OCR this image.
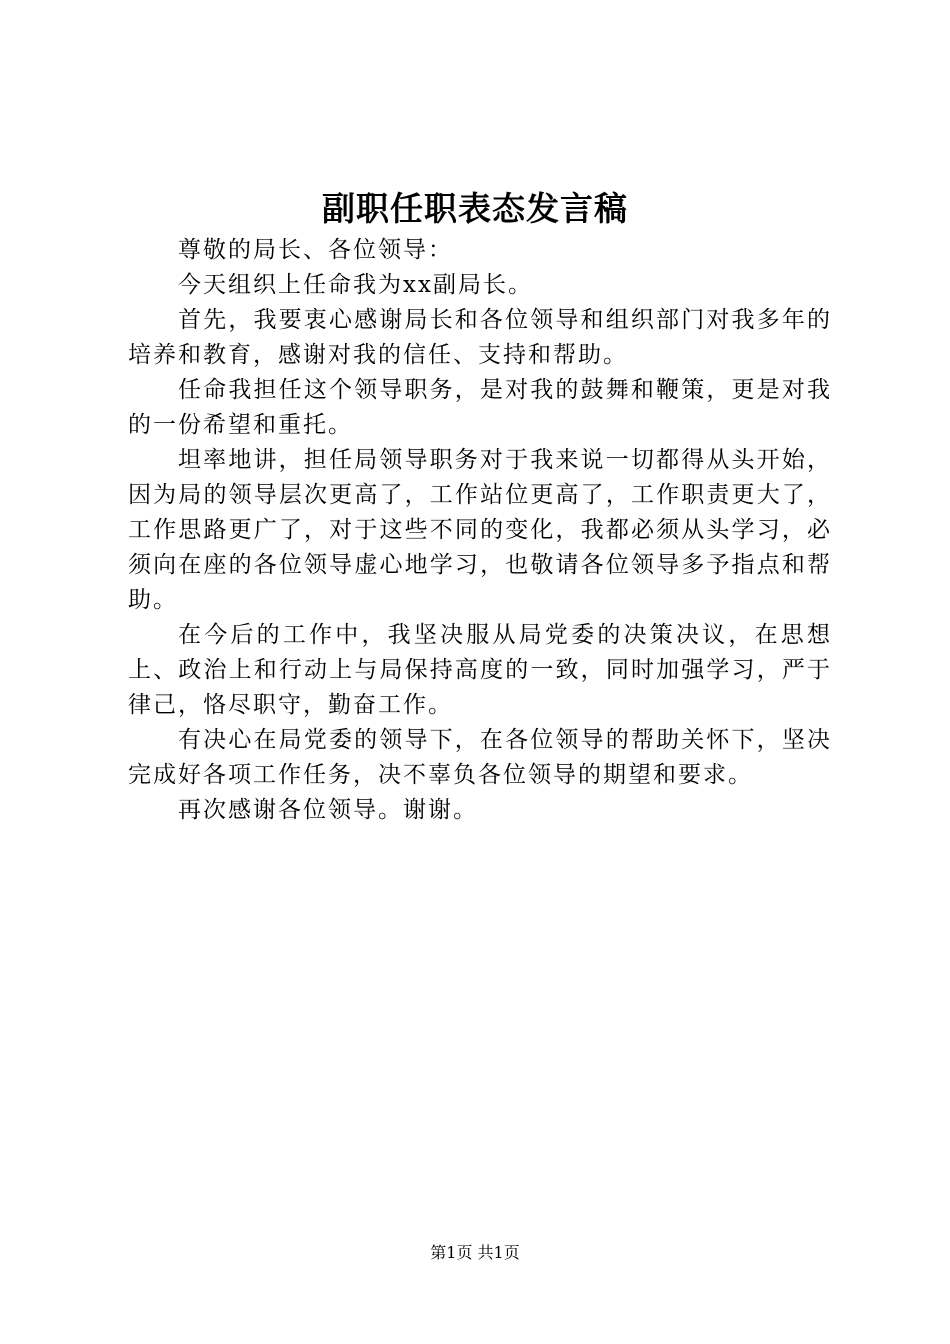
副职任职表态发言稿

尊敬的局长、各位领导：

今天组织上任命我为xx副局长。

首先，我要衷心感谢局长和各位领导和组织部门对我多年的培养和教育，感谢对我的信任、支持和帮助。

任命我担任这个领导职务，是对我的鼓舞和鞭策，更是对我的一份希望和重托。

坦率地讲，担任局领导职务对于我来说一切都得从头开始，因为局的领导层次更高了，工作站位更高了，工作职责更大了，工作思路更广了，对于这些不同的变化，我都必须从头学习，必须向在座的各位领导虚心地学习，也敬请各位领导多予指点和帮助。

在今后的工作中，我坚决服从局党委的决策决议，在思想上、政治上和行动上与局保持高度的一致，同时加强学习，严于律己，恪尽职守，勤奋工作。

有决心在局党委的领导下，在各位领导的帮助关怀下，坚决完成好各项工作任务，决不辜负各位领导的期望和要求。

再次感谢各位领导。谢谢。

第1页 共1页
